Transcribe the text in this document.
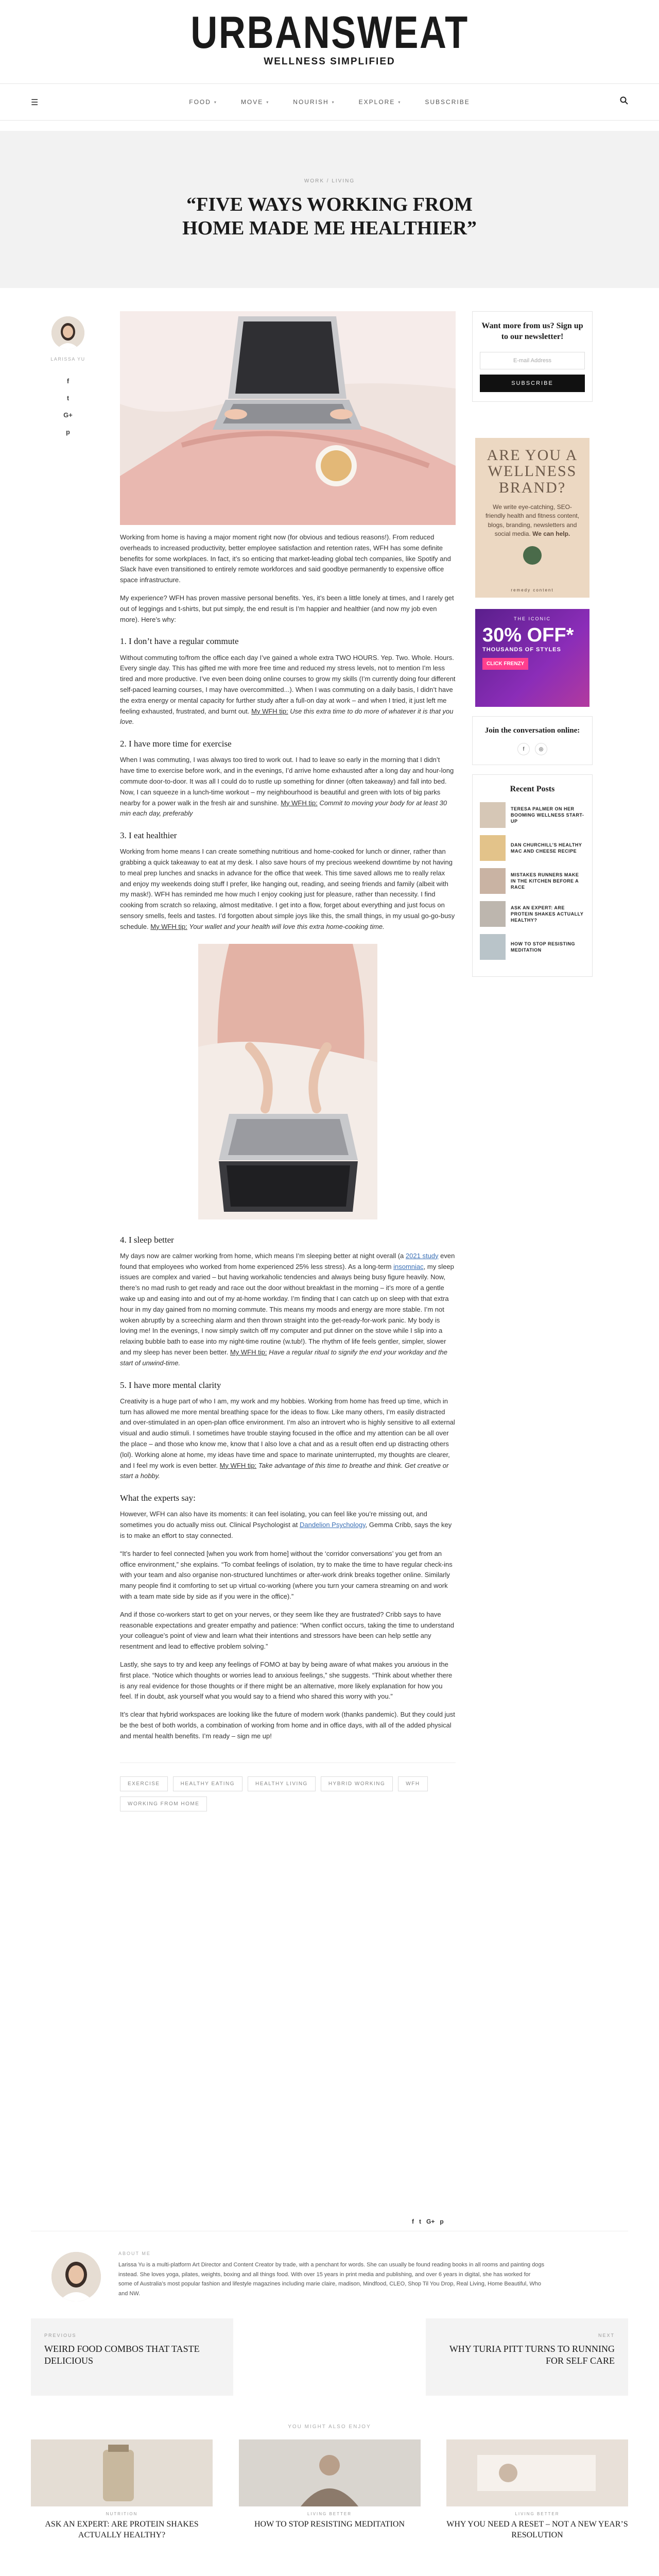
URBANSWEAT
WELLNESS SIMPLIFIED
☰	FOOD ▾	MOVE ▾	NOURISH ▾	EXPLORE ▾	SUBSCRIBE
WORK / LIVING
“FIVE WAYS WORKING FROM HOME MADE ME HEALTHIER”
LARISSA YU
f
t
G+
p

Working from home is having a major moment right now (for obvious and tedious reasons!). From reduced overheads to increased productivity, better employee satisfaction and retention rates, WFH has some definite benefits for some workplaces. In fact, it’s so enticing that market-leading global tech companies, like Spotify and Slack have even transitioned to entirely remote workforces and said goodbye permanently to expensive office space infrastructure.

My experience? WFH has proven massive personal benefits. Yes, it’s been a little lonely at times, and I rarely get out of leggings and t-shirts, but put simply, the end result is I’m happier and healthier (and now my job even more). Here’s why:

1. I don’t have a regular commute

Without commuting to/from the office each day I’ve gained a whole extra TWO HOURS. Yep. Two. Whole. Hours. Every single day. This has gifted me with more free time and reduced my stress levels, not to mention I’m less tired and more productive. I’ve even been doing online courses to grow my skills (I’m currently doing four different self-paced learning courses, I may have overcommitted...). When I was commuting on a daily basis, I didn’t have the extra energy or mental capacity for further study after a full-on day at work – and when I tried, it just left me feeling exhausted, frustrated, and burnt out. My WFH tip: Use this extra time to do more of whatever it is that you love.

2. I have more time for exercise

When I was commuting, I was always too tired to work out. I had to leave so early in the morning that I didn’t have time to exercise before work, and in the evenings, I’d arrive home exhausted after a long day and hour-long commute door-to-door. It was all I could do to rustle up something for dinner (often takeaway) and fall into bed. Now, I can squeeze in a lunch-time workout – my neighbourhood is beautiful and green with lots of big parks nearby for a power walk in the fresh air and sunshine. My WFH tip: Commit to moving your body for at least 30 min each day, preferably

3. I eat healthier

Working from home means I can create something nutritious and home-cooked for lunch or dinner, rather than grabbing a quick takeaway to eat at my desk. I also save hours of my precious weekend downtime by not having to meal prep lunches and snacks in advance for the office that week. This time saved allows me to really relax and enjoy my weekends doing stuff I prefer, like hanging out, reading, and seeing friends and family (albeit with my mask!). WFH has reminded me how much I enjoy cooking just for pleasure, rather than necessity. I find cooking from scratch so relaxing, almost meditative. I get into a flow, forget about everything and just focus on sensory smells, feels and tastes. I’d forgotten about simple joys like this, the small things, in my usual go-go-busy schedule. My WFH tip: Your wallet and your health will love this extra home-cooking time.

4. I sleep better

My days now are calmer working from home, which means I’m sleeping better at night overall (a 2021 study even found that employees who worked from home experienced 25% less stress). As a long-term insomniac, my sleep issues are complex and varied – but having workaholic tendencies and always being busy figure heavily. Now, there’s no mad rush to get ready and race out the door without breakfast in the morning – it’s more of a gentle wake up and easing into and out of my at-home workday. I’m finding that I can catch up on sleep with that extra hour in my day gained from no morning commute. This means my moods and energy are more stable. I’m not woken abruptly by a screeching alarm and then thrown straight into the get-ready-for-work panic. My body is loving me! In the evenings, I now simply switch off my computer and put dinner on the stove while I slip into a relaxing bubble bath to ease into my night-time routine (w.tub!). The rhythm of life feels gentler, simpler, slower and my sleep has never been better. My WFH tip: Have a regular ritual to signify the end your workday and the start of unwind-time.

5. I have more mental clarity

Creativity is a huge part of who I am, my work and my hobbies. Working from home has freed up time, which in turn has allowed me more mental breathing space for the ideas to flow. Like many others, I’m easily distracted and over-stimulated in an open-plan office environment. I’m also an introvert who is highly sensitive to all external visual and audio stimuli. I sometimes have trouble staying focused in the office and my attention can be all over the place – and those who know me, know that I also love a chat and as a result often end up distracting others (lol). Working alone at home, my ideas have time and space to marinate uninterrupted, my thoughts are clearer, and I feel my work is even better. My WFH tip: Take advantage of this time to breathe and think. Get creative or start a hobby.

What the experts say:

However, WFH can also have its moments: it can feel isolating, you can feel like you’re missing out, and sometimes you do actually miss out. Clinical Psychologist at Dandelion Psychology, Gemma Cribb, says the key is to make an effort to stay connected.

“It’s harder to feel connected [when you work from home] without the ‘corridor conversations’ you get from an office environment,” she explains. “To combat feelings of isolation, try to make the time to have regular check-ins with your team and also organise non-structured lunchtimes or after-work drink breaks together online. Similarly many people find it comforting to set up virtual co-working (where you turn your camera streaming on and work with a team mate side by side as if you were in the office).”

And if those co-workers start to get on your nerves, or they seem like they are frustrated? Cribb says to have reasonable expectations and greater empathy and patience: “When conflict occurs, taking the time to understand your colleague’s point of view and learn what their intentions and stressors have been can help settle any resentment and lead to effective problem solving.”

Lastly, she says to try and keep any feelings of FOMO at bay by being aware of what makes you anxious in the first place. “Notice which thoughts or worries lead to anxious feelings,” she suggests. “Think about whether there is any real evidence for those thoughts or if there might be an alternative, more likely explanation for how you feel. If in doubt, ask yourself what you would say to a friend who shared this worry with you.”

It’s clear that hybrid workspaces are looking like the future of modern work (thanks pandemic). But they could just be the best of both worlds, a combination of working from home and in office days, with all of the added physical and mental health benefits. I’m ready – sign me up!

EXERCISE	HEALTHY EATING	HEALTHY LIVING	HYBRID WORKING	WFH
WORKING FROM HOME
Want more from us? Sign up to our newsletter!
E-mail Address
SUBSCRIBE
ARE YOU A WELLNESS BRAND?
We write eye-catching, SEO-friendly health and fitness content, blogs, branding, newsletters and social media. We can help.
remedy content
THE ICONIC
30% OFF*
THOUSANDS OF STYLES
CLICK FRENZY
Join the conversation online:
f	◎
Recent Posts
TERESA PALMER ON HER BOOMING WELLNESS START-UP
DAN CHURCHILL’S HEALTHY MAC AND CHEESE RECIPE
MISTAKES RUNNERS MAKE IN THE KITCHEN BEFORE A RACE
ASK AN EXPERT: ARE PROTEIN SHAKES ACTUALLY HEALTHY?
HOW TO STOP RESISTING MEDITATION
f t G+ p
ABOUT ME

Larissa Yu is a multi-platform Art Director and Content Creator by trade, with a penchant for words. She can usually be found reading books in all rooms and painting dogs instead. She loves yoga, pilates, weights, boxing and all things food. With over 15 years in print media and publishing, and over 6 years in digital, she has worked for some of Australia’s most popular fashion and lifestyle magazines including marie claire, madison, Mindfood, CLEO, Shop Til You Drop, Real Living, Home Beautiful, Who and NW.

PREVIOUS
WEIRD FOOD COMBOS THAT TASTE DELICIOUS
NEXT
WHY TURIA PITT TURNS TO RUNNING FOR SELF CARE
YOU MIGHT ALSO ENJOY
NUTRITION
ASK AN EXPERT: ARE PROTEIN SHAKES ACTUALLY HEALTHY?
LIVING BETTER
HOW TO STOP RESISTING MEDITATION
LIVING BETTER
WHY YOU NEED A RESET – NOT A NEW YEAR’S RESOLUTION
